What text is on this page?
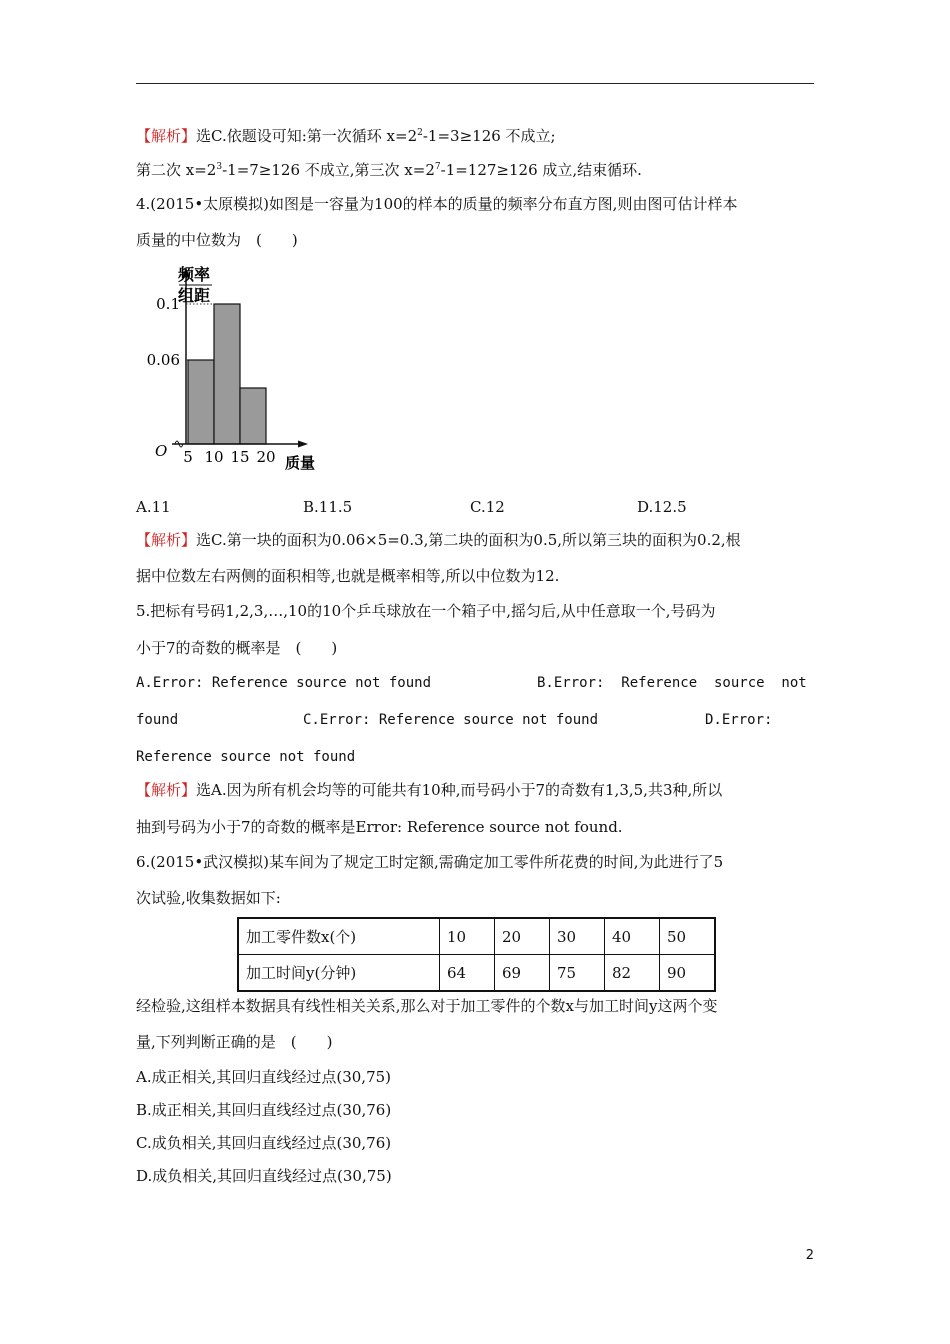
【解析】选C.依题设可知:第一次循环 $x=2^2-1=3\ge 126$ 不成立;
第二次 $x=2^3-1=7\ge 126$ 不成立,第三次 $x=2^7-1=127\ge 126$ 成立,结束循环.
4.(2015•太原模拟)如图是一容量为100的样本的质量的频率分布直方图,则由图可估计样本
质量的中位数为　(　　)
频率
组距
0.06
0.1
5 10 15 20
O
质量
A.11	B.11.5	C.12	D.12.5
【解析】选C.第一块的面积为0.06×5=0.3,第二块的面积为0.5,所以第三块的面积为0.2,根
据中位数左右两侧的面积相等,也就是概率相等,所以中位数为12.
5.把标有号码1,2,3,…,10的10个乒乓球放在一个箱子中,摇匀后,从中任意取一个,号码为
小于7的奇数的概率是　(　　)
A.Error: Reference source not found	B.Error:  Reference  source  not
found	C.Error: Reference source not found	D.Error:
Reference source not found
【解析】选A.因为所有机会均等的可能共有10种,而号码小于7的奇数有1,3,5,共3种,所以
抽到号码为小于7的奇数的概率是Error: Reference source not found.
6.(2015•武汉模拟)某车间为了规定工时定额,需确定加工零件所花费的时间,为此进行了5
次试验,收集数据如下:
加工零件数x(个)	10	20	30	40	50
加工时间y(分钟)	64	69	75	82	90
经检验,这组样本数据具有线性相关关系,那么对于加工零件的个数x与加工时间y这两个变
量,下列判断正确的是　(　　)
A.成正相关,其回归直线经过点(30,75)
B.成正相关,其回归直线经过点(30,76)
C.成负相关,其回归直线经过点(30,76)
D.成负相关,其回归直线经过点(30,75)
2
